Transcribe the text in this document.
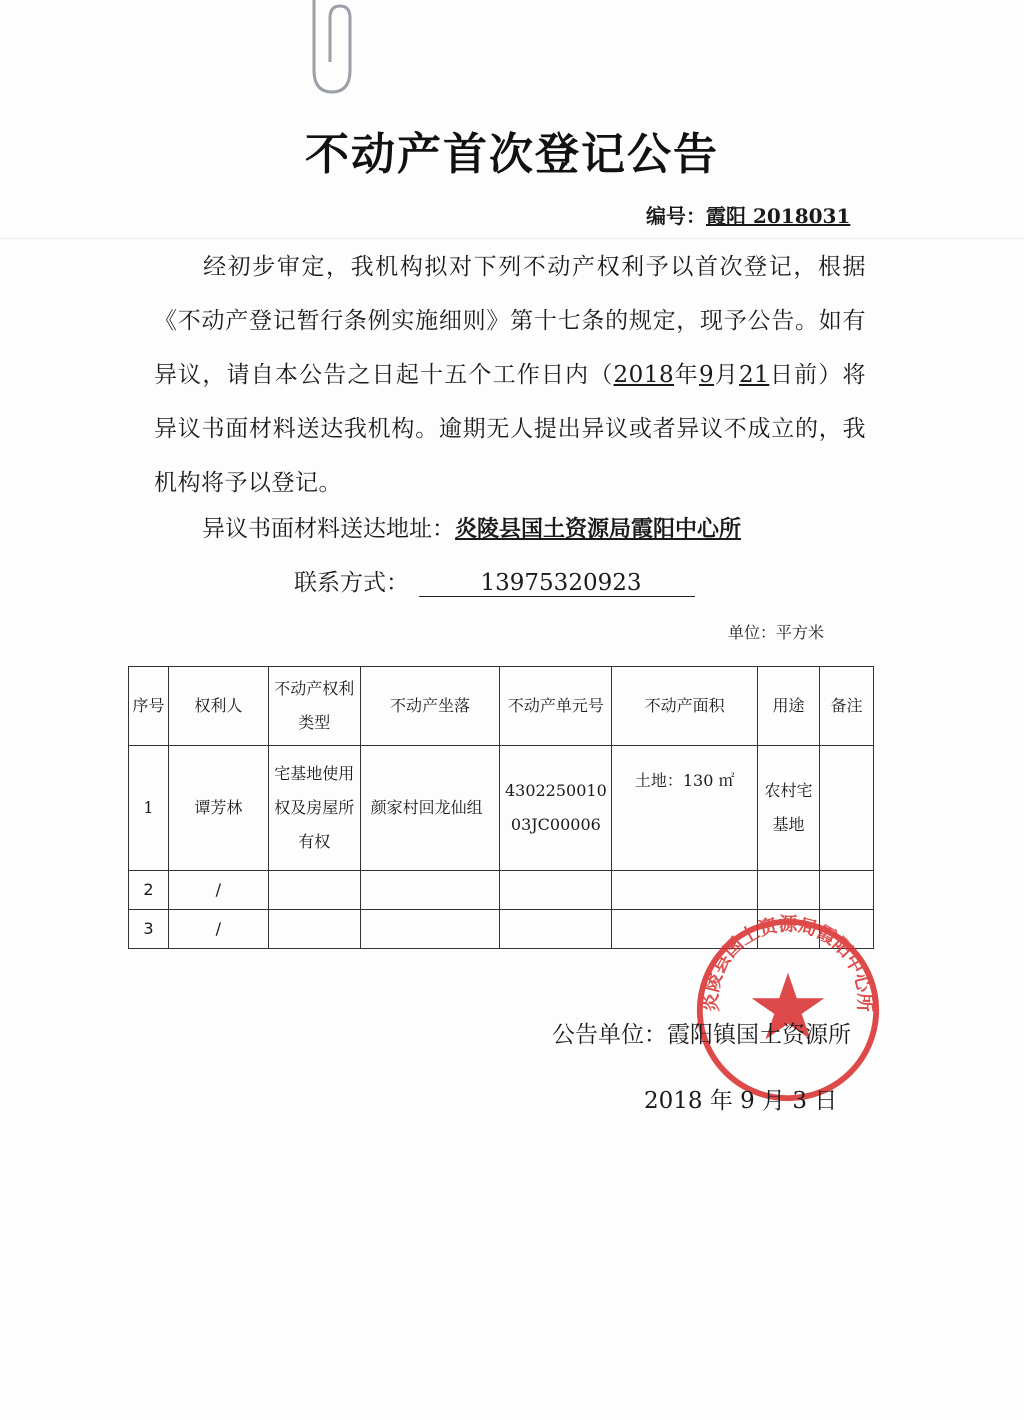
不动产首次登记公告
编号：霞阳 2018031
经初步审定，我机构拟对下列不动产权利予以首次登记，根据《不动产登记暂行条例实施细则》第十七条的规定，现予公告。如有异议，请自本公告之日起十五个工作日内（2018年9月21日前）将异议书面材料送达我机构。逾期无人提出异议或者异议不成立的，我机构将予以登记。
异议书面材料送达地址：炎陵县国土资源局霞阳中心所
联系方式：	13975320923
单位：平方米
序号	权利人	不动产权利类型	不动产坐落	不动产单元号	不动产面积	用途	备注
1	谭芳林	宅基地使用权及房屋所有权	颜家村回龙仙组	430225001003JC00006	土地：130 ㎡	农村宅基地	
2	/						
3	/						
炎陵县国土资源局霞阳中心所
公告单位：霞阳镇国土资源所
2018 年 9 月 3 日
